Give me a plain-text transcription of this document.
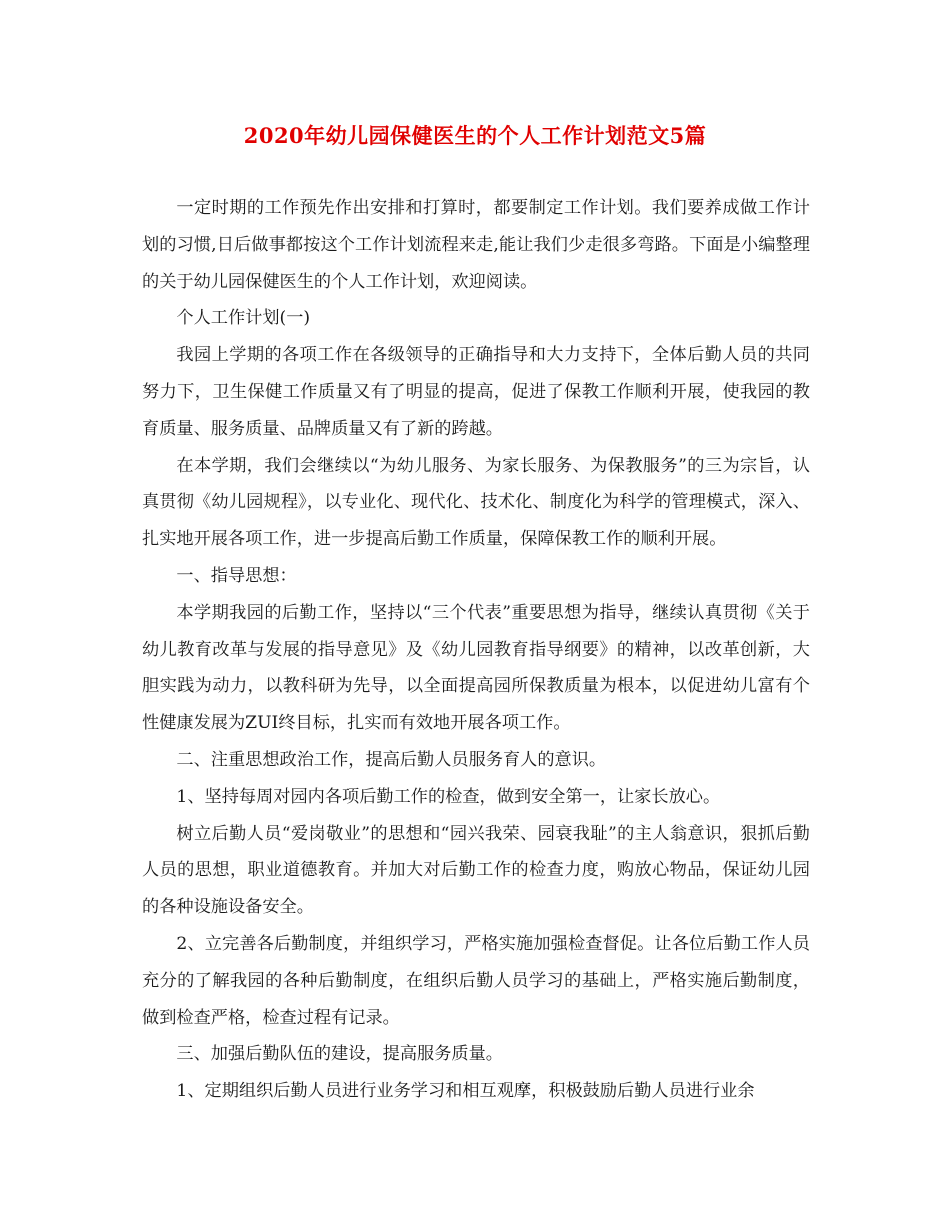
2020年幼儿园保健医生的个人工作计划范文5篇

一定时期的工作预先作出安排和打算时，都要制定工作计划。我们要养成做工作计划的习惯,日后做事都按这个工作计划流程来走,能让我们少走很多弯路。下面是小编整理的关于幼儿园保健医生的个人工作计划，欢迎阅读。

个人工作计划(一)

我园上学期的各项工作在各级领导的正确指导和大力支持下，全体后勤人员的共同努力下，卫生保健工作质量又有了明显的提高，促进了保教工作顺利开展，使我园的教育质量、服务质量、品牌质量又有了新的跨越。

在本学期，我们会继续以“为幼儿服务、为家长服务、为保教服务”的三为宗旨，认真贯彻《幼儿园规程》，以专业化、现代化、技术化、制度化为科学的管理模式，深入、扎实地开展各项工作，进一步提高后勤工作质量，保障保教工作的顺利开展。

一、指导思想：

本学期我园的后勤工作，坚持以“三个代表”重要思想为指导，继续认真贯彻《关于幼儿教育改革与发展的指导意见》及《幼儿园教育指导纲要》的精神，以改革创新，大胆实践为动力，以教科研为先导，以全面提高园所保教质量为根本，以促进幼儿富有个性健康发展为ZUI终目标，扎实而有效地开展各项工作。

二、注重思想政治工作，提高后勤人员服务育人的意识。

1、坚持每周对园内各项后勤工作的检查，做到安全第一，让家长放心。

树立后勤人员“爱岗敬业”的思想和“园兴我荣、园衰我耻”的主人翁意识，狠抓后勤人员的思想，职业道德教育。并加大对后勤工作的检查力度，购放心物品，保证幼儿园的各种设施设备安全。

2、立完善各后勤制度，并组织学习，严格实施加强检查督促。让各位后勤工作人员充分的了解我园的各种后勤制度，在组织后勤人员学习的基础上，严格实施后勤制度，做到检查严格，检查过程有记录。

三、加强后勤队伍的建设，提高服务质量。

1、定期组织后勤人员进行业务学习和相互观摩，积极鼓励后勤人员进行业余
